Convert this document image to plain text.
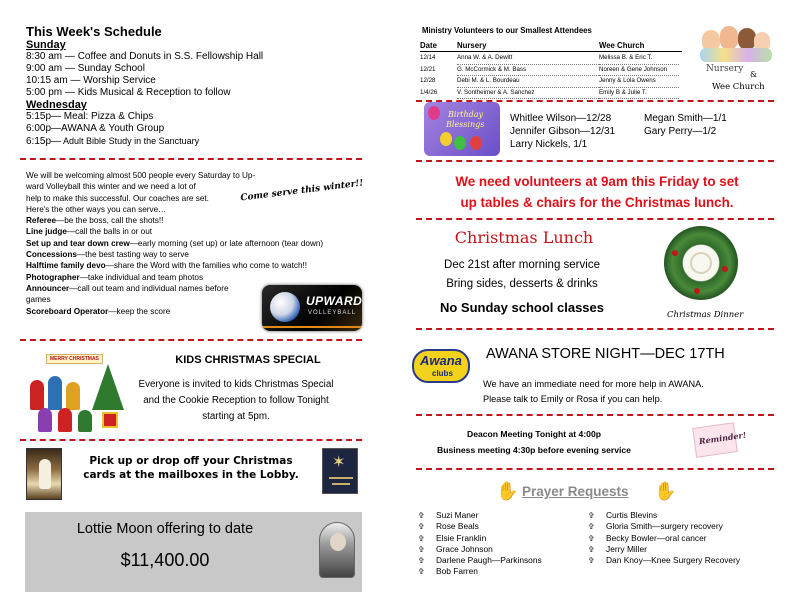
This Week's Schedule
Sunday
8:30 am — Coffee and Donuts in S.S. Fellowship Hall
9:00 am — Sunday School
10:15 am — Worship Service
5:00 pm — Kids Musical & Reception to follow
Wednesday
5:15p— Meal: Pizza & Chips
6:00p—AWANA & Youth Group
6:15p— Adult Bible Study in the Sanctuary
We will be welcoming almost 500 people every Saturday to Up-
ward Volleyball this winter and we need a lot of
help to make this successful. Our coaches are set.
Here's the other ways you can serve…
Referee—be the boss, call the shots!!
Line judge—call the balls in or out
Set up and tear down crew—early morning (set up) or late afternoon (tear down)
Concessions—the best tasting way to serve
Halftime family devo—share the Word with the families who come to watch!!
Photographer—take individual and team photos
Announcer—call out team and individual names before
games
Scoreboard Operator—keep the score
Come serve this winter!!
UPWARD
VOLLEYBALL
MERRY CHRISTMAS	KIDS CHRISTMAS SPECIAL
Everyone is invited to kids Christmas Special
and the Cookie Reception to follow Tonight
starting at 5pm.
Pick up or drop off your Christmas
cards at the mailboxes in the Lobby.
✶
Lottie Moon offering to date
$11,400.00
Ministry Volunteers to our Smallest Attendees
Date	Nursery	Wee Church
12/14	Anna W. & A. Dewitt	Melissa B. & Eric T.
12/21	G. McCormick & M. Bass	Noreen & Gene Johnson
12/28	Debi M. & L. Bourdeau	Jenny & Lola Owens
1/4/26	V. Sontheimer & A. Sanchez	Emily B & Julie T.
Nursery
&
Wee Church
Birthday
Blessings
Whitlee Wilson—12/28
Jennifer Gibson—12/31
Larry Nickels, 1/1
Megan Smith—1/1
Gary Perry—1/2
We need volunteers at 9am this Friday to set
up tables & chairs for the Christmas lunch.
Christmas Lunch
Dec 21st after morning service
Bring sides, desserts & drinks
No Sunday school classes	Christmas Dinner
Awana
clubs
AWANA STORE NIGHT—DEC 17TH
We have an immediate need for more help in AWANA.
Please talk to Emily or Rosa if you can help.
Deacon Meeting Tonight at 4:00p
Business meeting 4:30p before evening service
Reminder!
✋ Prayer Requests ✋
✞	Suzi Maner
✞	Rose Beals
✞	Elsie Franklin
✞	Grace Johnson
✞	Darlene Paugh—Parkinsons
✞	Bob Farren
✞	Curtis Blevins
✞	Gloria Smith—surgery recovery
✞	Becky Bowler—oral cancer
✞	Jerry Miller
✞	Dan Knoy—Knee Surgery Recovery
